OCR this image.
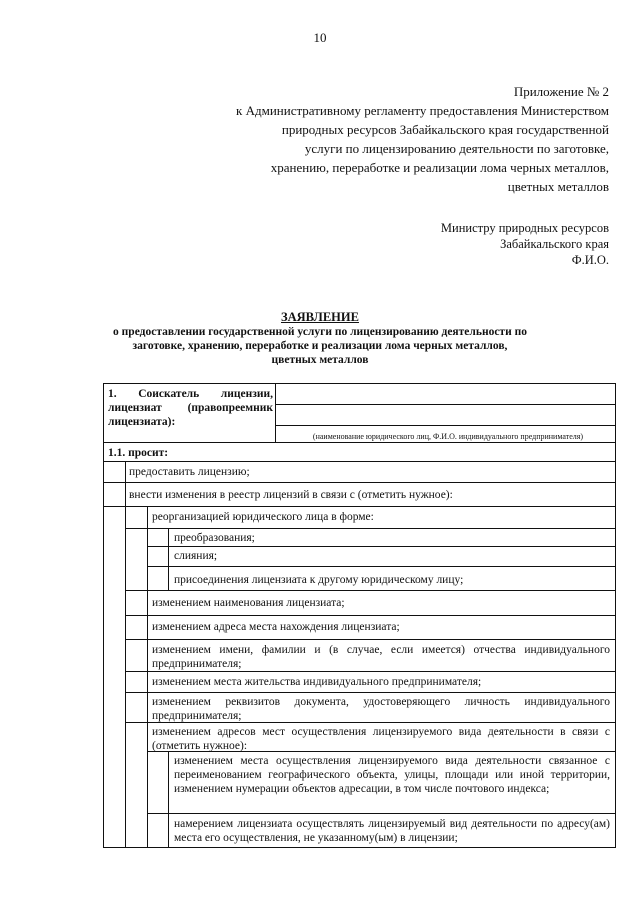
10
Приложение № 2
к Административному регламенту предоставления Министерством
природных ресурсов Забайкальского края государственной
услуги по лицензированию деятельности по заготовке,
хранению, переработке и реализации лома черных металлов,
цветных металлов
Министру природных ресурсов
Забайкальского края
Ф.И.О.
ЗАЯВЛЕНИЕ
о предоставлении государственной услуги по лицензированию деятельности по заготовке, хранению, переработке и реализации лома черных металлов, цветных металлов
1. Соискатель лицензии, лицензиат (правопреемник лицензиата):
(наименование юридического лиц, Ф.И.О. индивидуального предпринимателя)
1.1. просит:
предоставить лицензию;
внести изменения в реестр лицензий в связи с (отметить нужное):
реорганизацией юридического лица в форме:
преобразования;
слияния;
присоединения лицензиата к другому юридическому лицу;
изменением наименования лицензиата;
изменением адреса места нахождения лицензиата;
изменением имени, фамилии и (в случае, если имеется) отчества индивидуального предпринимателя;
изменением места жительства индивидуального предпринимателя;
изменением реквизитов документа, удостоверяющего личность индивидуального предпринимателя;
изменением адресов мест осуществления лицензируемого вида деятельности в связи с (отметить нужное):
изменением места осуществления лицензируемого вида деятельности связанное с переименованием географического объекта, улицы, площади или иной территории, изменением нумерации объектов адресации, в том числе почтового индекса;
намерением лицензиата осуществлять лицензируемый вид деятельности по адресу(ам) места его осуществления, не указанному(ым) в лицензии;
